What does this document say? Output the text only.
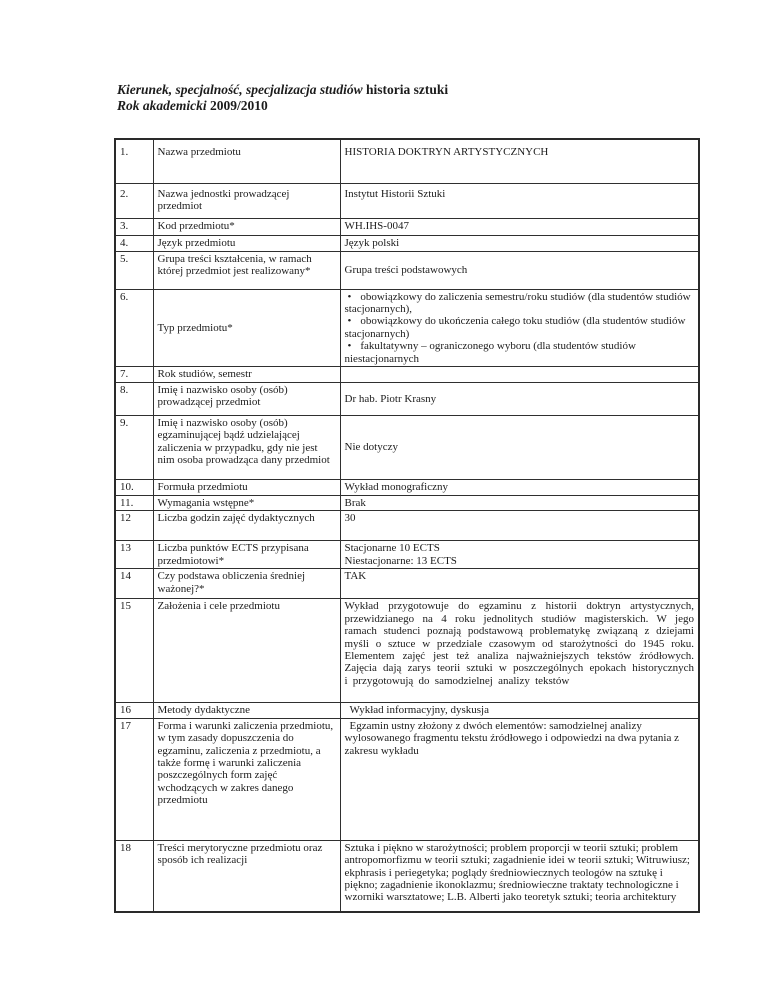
Kierunek, specjalność, specjalizacja studiów historia sztuki
Rok akademicki 2009/2010
1.	Nazwa przedmiotu	HISTORIA DOKTRYN ARTYSTYCZNYCH
2.	Nazwa jednostki prowadzącej przedmiot	Instytut Historii Sztuki
3.	Kod przedmiotu*	WH.IHS-0047
4.	Język przedmiotu	Język polski
5.	Grupa treści kształcenia, w ramach której przedmiot jest realizowany*	Grupa treści podstawowych
6.	Typ przedmiotu*	• obowiązkowy do zaliczenia semestru/roku studiów (dla studentów studiów stacjonarnych),
• obowiązkowy do ukończenia całego toku studiów (dla studentów studiów stacjonarnych)
• fakultatywny – ograniczonego wyboru (dla studentów studiów niestacjonarnych

7.	Rok studiów, semestr	
8.	Imię i nazwisko osoby (osób) prowadzącej przedmiot	Dr hab. Piotr Krasny
9.	Imię i nazwisko osoby (osób) egzaminującej bądź udzielającej zaliczenia w przypadku, gdy nie jest nim osoba prowadząca dany przedmiot	Nie dotyczy
10.	Formuła przedmiotu	Wykład monograficzny
11.	Wymagania wstępne*	Brak
12	Liczba godzin zajęć dydaktycznych	30
13	Liczba punktów ECTS przypisana przedmiotowi*	Stacjonarne 10 ECTS
Niestacjonarne: 13 ECTS

14	Czy podstawa obliczenia średniej ważonej?*	TAK
15	Założenia i cele przedmiotu	Wykład przygotowuje do egzaminu z historii doktryn artystycznych, przewidzianego na 4 roku jednolitych studiów magisterskich. W jego ramach studenci poznają podstawową problematykę związaną z dziejami myśli o sztuce w przedziale czasowym od starożytności do 1945 roku. Elementem zajęć jest też analiza najważniejszych tekstów źródłowych. Zajęcia dają zarys teorii sztuki w poszczególnych epokach historycznych i przygotowują do samodzielnej analizy tekstów
16	Metody dydaktyczne	Wykład informacyjny, dyskusja
17	Forma i warunki zaliczenia przedmiotu, w tym zasady dopuszczenia do egzaminu, zaliczenia z przedmiotu, a także formę i warunki zaliczenia poszczególnych form zajęć wchodzących w zakres danego przedmiotu	Egzamin ustny złożony z dwóch elementów: samodzielnej analizy wylosowanego fragmentu tekstu źródłowego i odpowiedzi na dwa pytania z zakresu wykładu
18	Treści merytoryczne przedmiotu oraz sposób ich realizacji	Sztuka i piękno w starożytności; problem proporcji w teorii sztuki; problem antropomorfizmu w teorii sztuki; zagadnienie idei w teorii sztuki; Witruwiusz; ekphrasis i periegetyka; poglądy średniowiecznych teologów na sztukę i piękno; zagadnienie ikonoklazmu; średniowieczne traktaty technologiczne i wzorniki warsztatowe; L.B. Alberti jako teoretyk sztuki; teoria architektury
